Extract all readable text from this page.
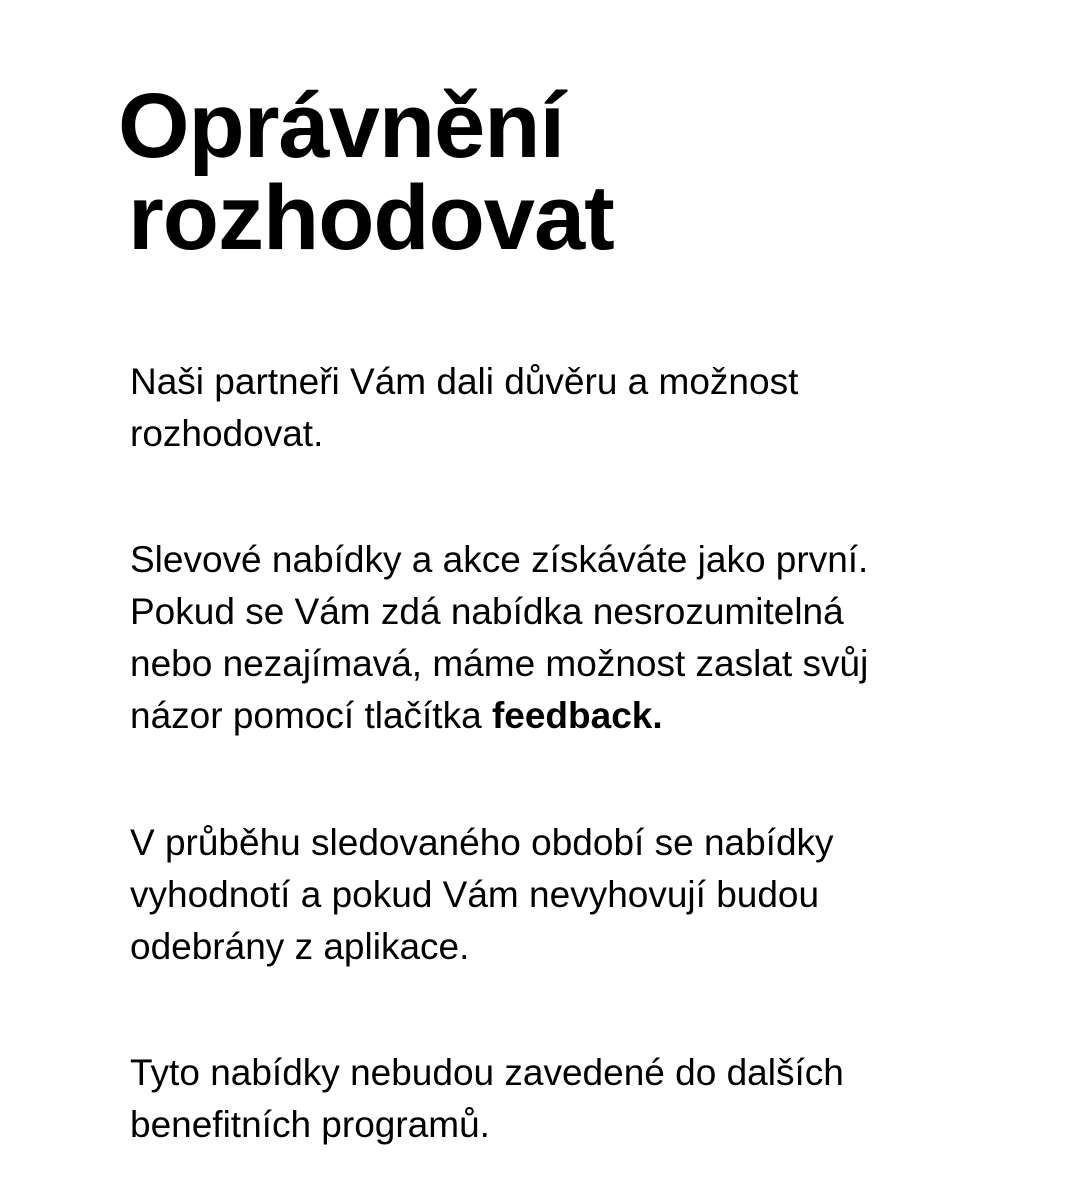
Oprávnění
rozhodovat

Naši partneři Vám dali důvěru a možnost
rozhodovat.

Slevové nabídky a akce získáváte jako první.
Pokud se Vám zdá nabídka nesrozumitelná
nebo nezajímavá, máme možnost zaslat svůj
názor pomocí tlačítka feedback.

V průběhu sledovaného období se nabídky
vyhodnotí a pokud Vám nevyhovují budou
odebrány z aplikace.

Tyto nabídky nebudou zavedené do dalších
benefitních programů.
